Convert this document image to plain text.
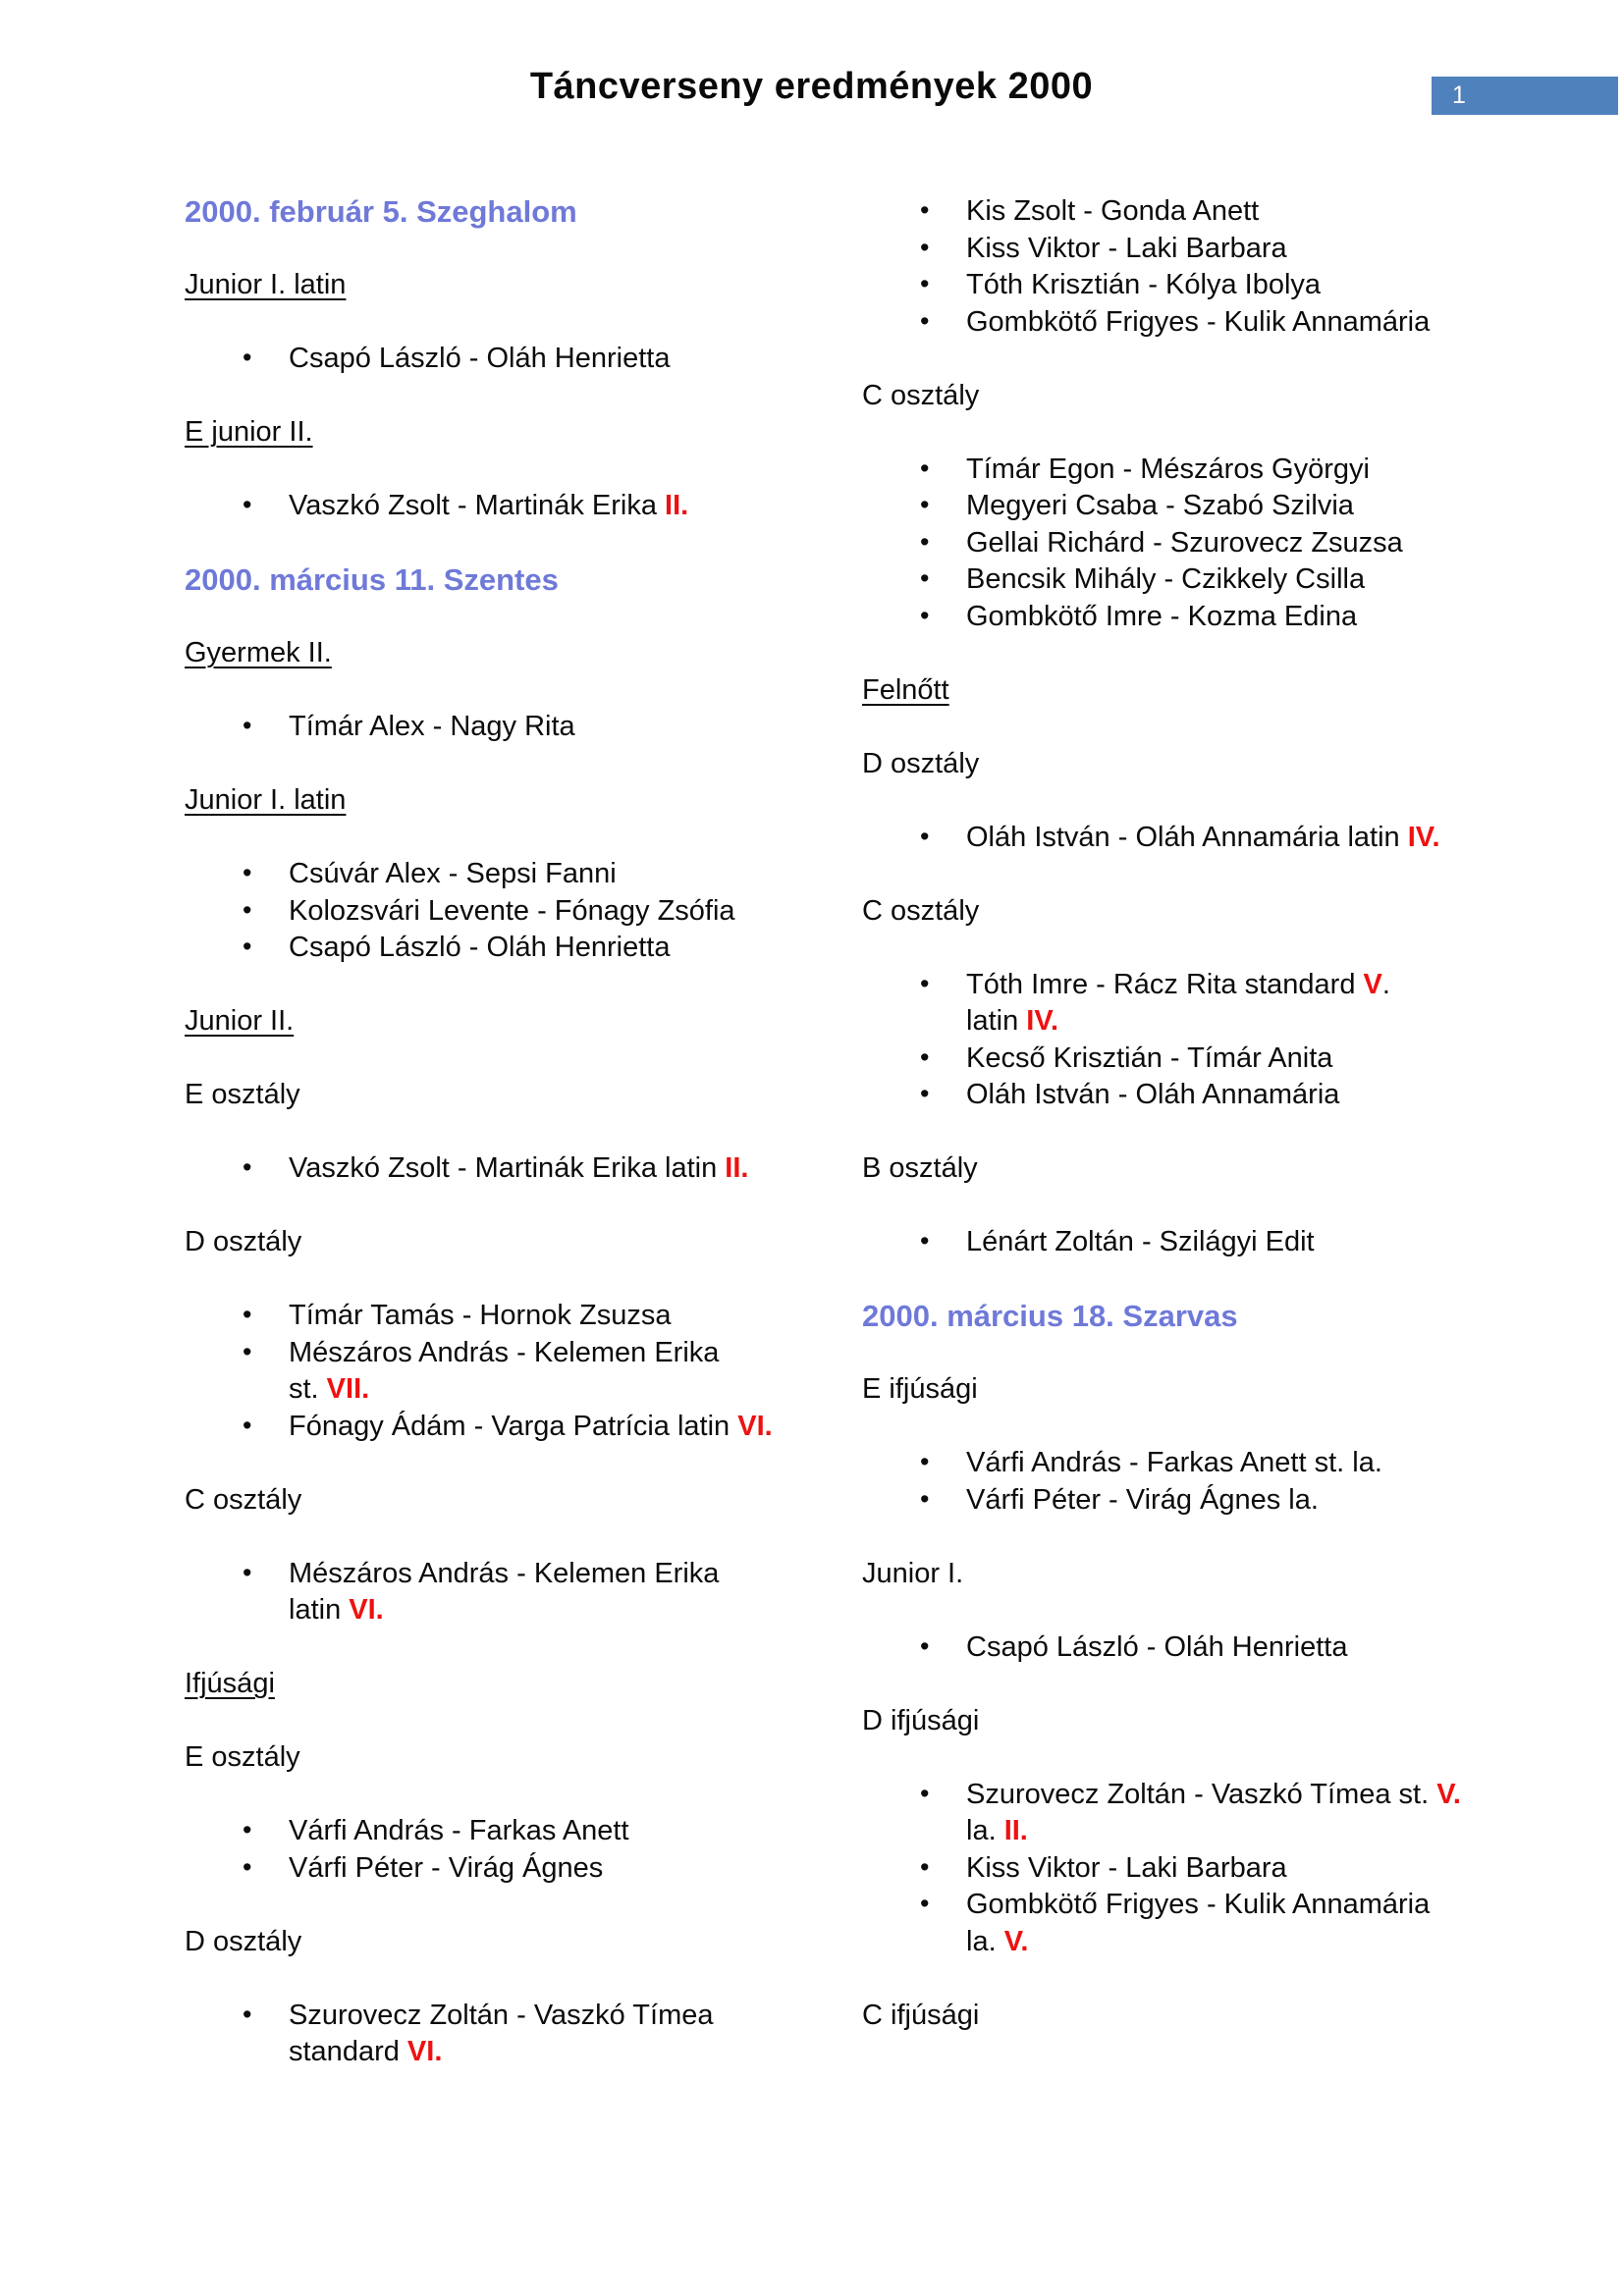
Táncverseny eredmények 2000	1
2000. február 5. Szeghalom
Junior I. latin
• Csapó László - Oláh Henrietta
E junior II.
• Vaszkó Zsolt - Martinák Erika II.
2000. március 11. Szentes
Gyermek II.
• Tímár Alex - Nagy Rita
Junior I. latin
• Csúvár Alex - Sepsi Fanni
• Kolozsvári Levente - Fónagy Zsófia
• Csapó László - Oláh Henrietta
Junior II.
E osztály
• Vaszkó Zsolt - Martinák Erika latin II.
D osztály
• Tímár Tamás - Hornok Zsuzsa
• Mészáros András - Kelemen Erika
st. VII.
• Fónagy Ádám - Varga Patrícia latin VI.
C osztály
• Mészáros András - Kelemen Erika
latin VI.
Ifjúsági
E osztály
• Várfi András - Farkas Anett
• Várfi Péter - Virág Ágnes
D osztály
• Szurovecz Zoltán - Vaszkó Tímea
standard VI.
• Kis Zsolt - Gonda Anett
• Kiss Viktor - Laki Barbara
• Tóth Krisztián - Kólya Ibolya
• Gombkötő Frigyes - Kulik Annamária
C osztály
• Tímár Egon - Mészáros Györgyi
• Megyeri Csaba - Szabó Szilvia
• Gellai Richárd - Szurovecz Zsuzsa
• Bencsik Mihály - Czikkely Csilla
• Gombkötő Imre - Kozma Edina
Felnőtt
D osztály
• Oláh István - Oláh Annamária latin IV.
C osztály
• Tóth Imre - Rácz Rita standard V.
latin IV.
• Kecső Krisztián - Tímár Anita
• Oláh István - Oláh Annamária
B osztály
• Lénárt Zoltán - Szilágyi Edit
2000. március 18. Szarvas
E ifjúsági
• Várfi András - Farkas Anett st. la.
• Várfi Péter - Virág Ágnes la.
Junior I.
• Csapó László - Oláh Henrietta
D ifjúsági
• Szurovecz Zoltán - Vaszkó Tímea st. V.
la. II.
• Kiss Viktor - Laki Barbara
• Gombkötő Frigyes - Kulik Annamária
la. V.
C ifjúsági
